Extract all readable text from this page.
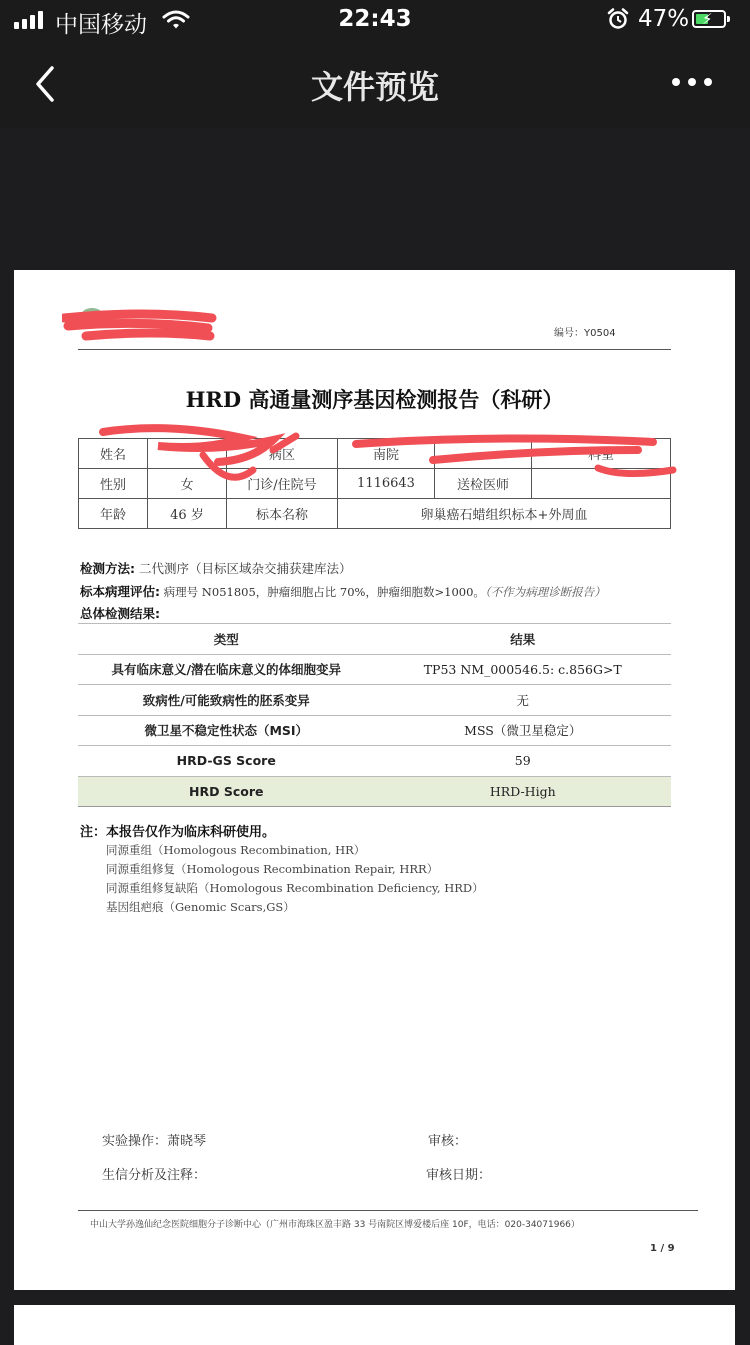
中国移动	22:43	47% ⚡
文件预览
编号：Y0504
HRD 高通量测序基因检测报告（科研）
姓名		病区	南院		科室
性别	女	门诊/住院号	1116643	送检医师	
年龄	46 岁	标本名称	卵巢癌石蜡组织标本+外周血		
检测方法: 二代测序（目标区域杂交捕获建库法）
标本病理评估: 病理号 N051805，肿瘤细胞占比 70%，肿瘤细胞数>1000。（不作为病理诊断报告）
总体检测结果:
类型	结果
具有临床意义/潜在临床意义的体细胞变异	TP53 NM_000546.5: c.856G>T
致病性/可能致病性的胚系变异	无
微卫星不稳定性状态（MSI）	MSS（微卫星稳定）
HRD-GS Score	59
HRD Score	HRD-High
注：本报告仅作为临床科研使用。
同源重组（Homologous Recombination, HR）
同源重组修复（Homologous Recombination Repair, HRR）
同源重组修复缺陷（Homologous Recombination Deficiency, HRD）
基因组疤痕（Genomic Scars,GS）
实验操作：萧晓琴	审核：
生信分析及注释：	审核日期：
中山大学孙逸仙纪念医院细胞分子诊断中心（广州市海珠区盈丰路 33 号南院区博爱楼后座 10F，电话：020-34071966）
1 / 9
